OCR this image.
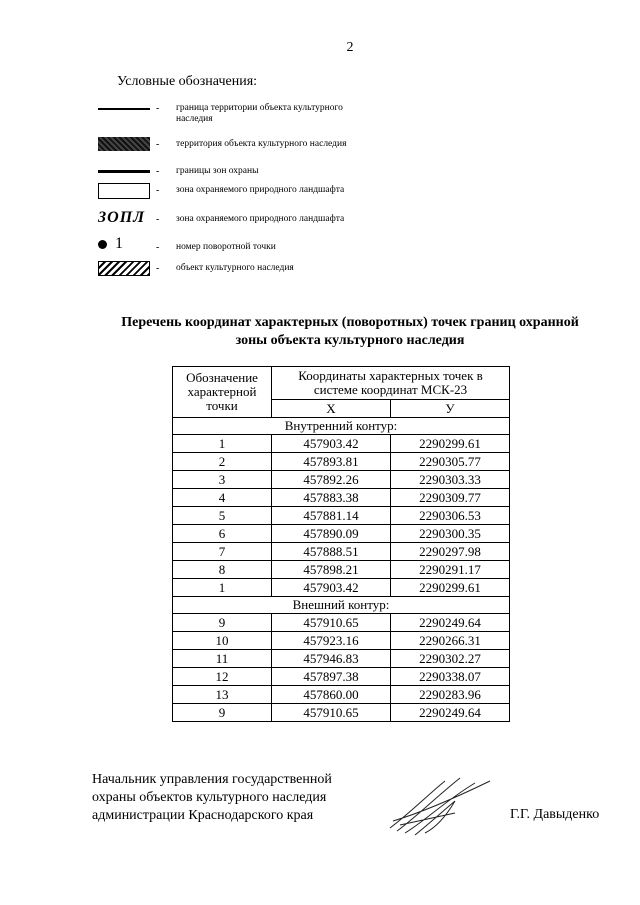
2
Условные обозначения:
- граница территории объекта культурного наследия
- территория объекта культурного наследия
- границы зон охраны
- зона охраняемого природного ландшафта
ЗОПЛ - зона охраняемого природного ландшафта
1	- номер поворотной точки
- объект культурного наследия
Перечень координат характерных (поворотных) точек границ охранной
зоны объекта культурного наследия
Обозначение характерной точки	Координаты характерных точек в системе координат МСК-23	
	Х	У
Внутренний контур:		
1	457903.42	2290299.61
2	457893.81	2290305.77
3	457892.26	2290303.33
4	457883.38	2290309.77
5	457881.14	2290306.53
6	457890.09	2290300.35
7	457888.51	2290297.98
8	457898.21	2290291.17
1	457903.42	2290299.61
Внешний контур:		
9	457910.65	2290249.64
10	457923.16	2290266.31
11	457946.83	2290302.27
12	457897.38	2290338.07
13	457860.00	2290283.96
9	457910.65	2290249.64
Начальник управления государственной
охраны объектов культурного наследия
администрации Краснодарского края	Г.Г. Давыденко
